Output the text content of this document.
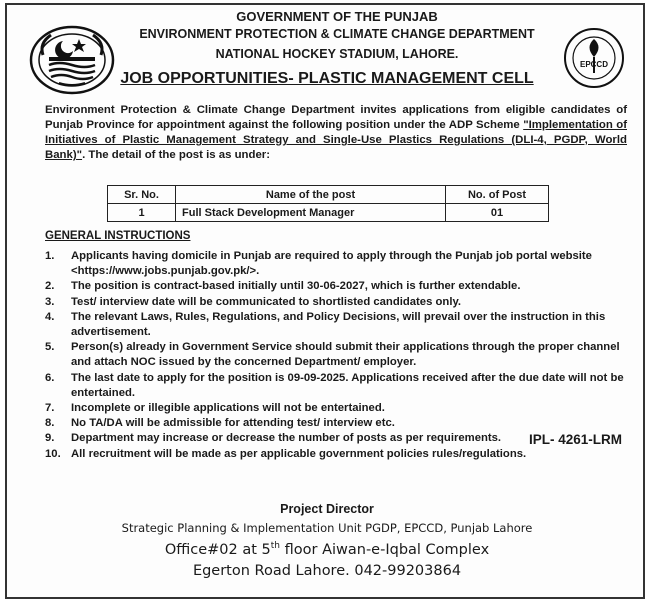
GOVERNMENT OF THE PUNJAB
ENVIRONMENT PROTECTION & CLIMATE CHANGE DEPARTMENT
NATIONAL HOCKEY STADIUM, LAHORE.
EPCCD
JOB OPPORTUNITIES- PLASTIC MANAGEMENT CELL
Environment Protection & Climate Change Department invites applications from eligible candidates of Punjab Province for appointment against the following position under the ADP Scheme "Implementation of Initiatives of Plastic Management Strategy and Single-Use Plastics Regulations (DLI-4, PGDP, World Bank)". The detail of the post is as under:
Sr. No.	Name of the post	No. of Post
1	Full Stack Development Manager	01
GENERAL INSTRUCTIONS
1.	Applicants having domicile in Punjab are required to apply through the Punjab job portal website <https://www.jobs.punjab.gov.pk/>.
2.	The position is contract-based initially until 30-06-2027, which is further extendable.
3.	Test/ interview date will be communicated to shortlisted candidates only.
4.	The relevant Laws, Rules, Regulations, and Policy Decisions, will prevail over the instruction in this advertisement.
5.	Person(s) already in Government Service should submit their applications through the proper channel and attach NOC issued by the concerned Department/ employer.
6.	The last date to apply for the position is 09-09-2025. Applications received after the due date will not be entertained.
7.	Incomplete or illegible applications will not be entertained.
8.	No TA/DA will be admissible for attending test/ interview etc.
9.	Department may increase or decrease the number of posts as per requirements.
10. All recruitment will be made as per applicable government policies rules/regulations.
IPL- 4261-LRM
Project Director
Strategic Planning & Implementation Unit PGDP, EPCCD, Punjab Lahore
Office#02 at 5th floor Aiwan-e-Iqbal Complex
Egerton Road Lahore. 042-99203864
